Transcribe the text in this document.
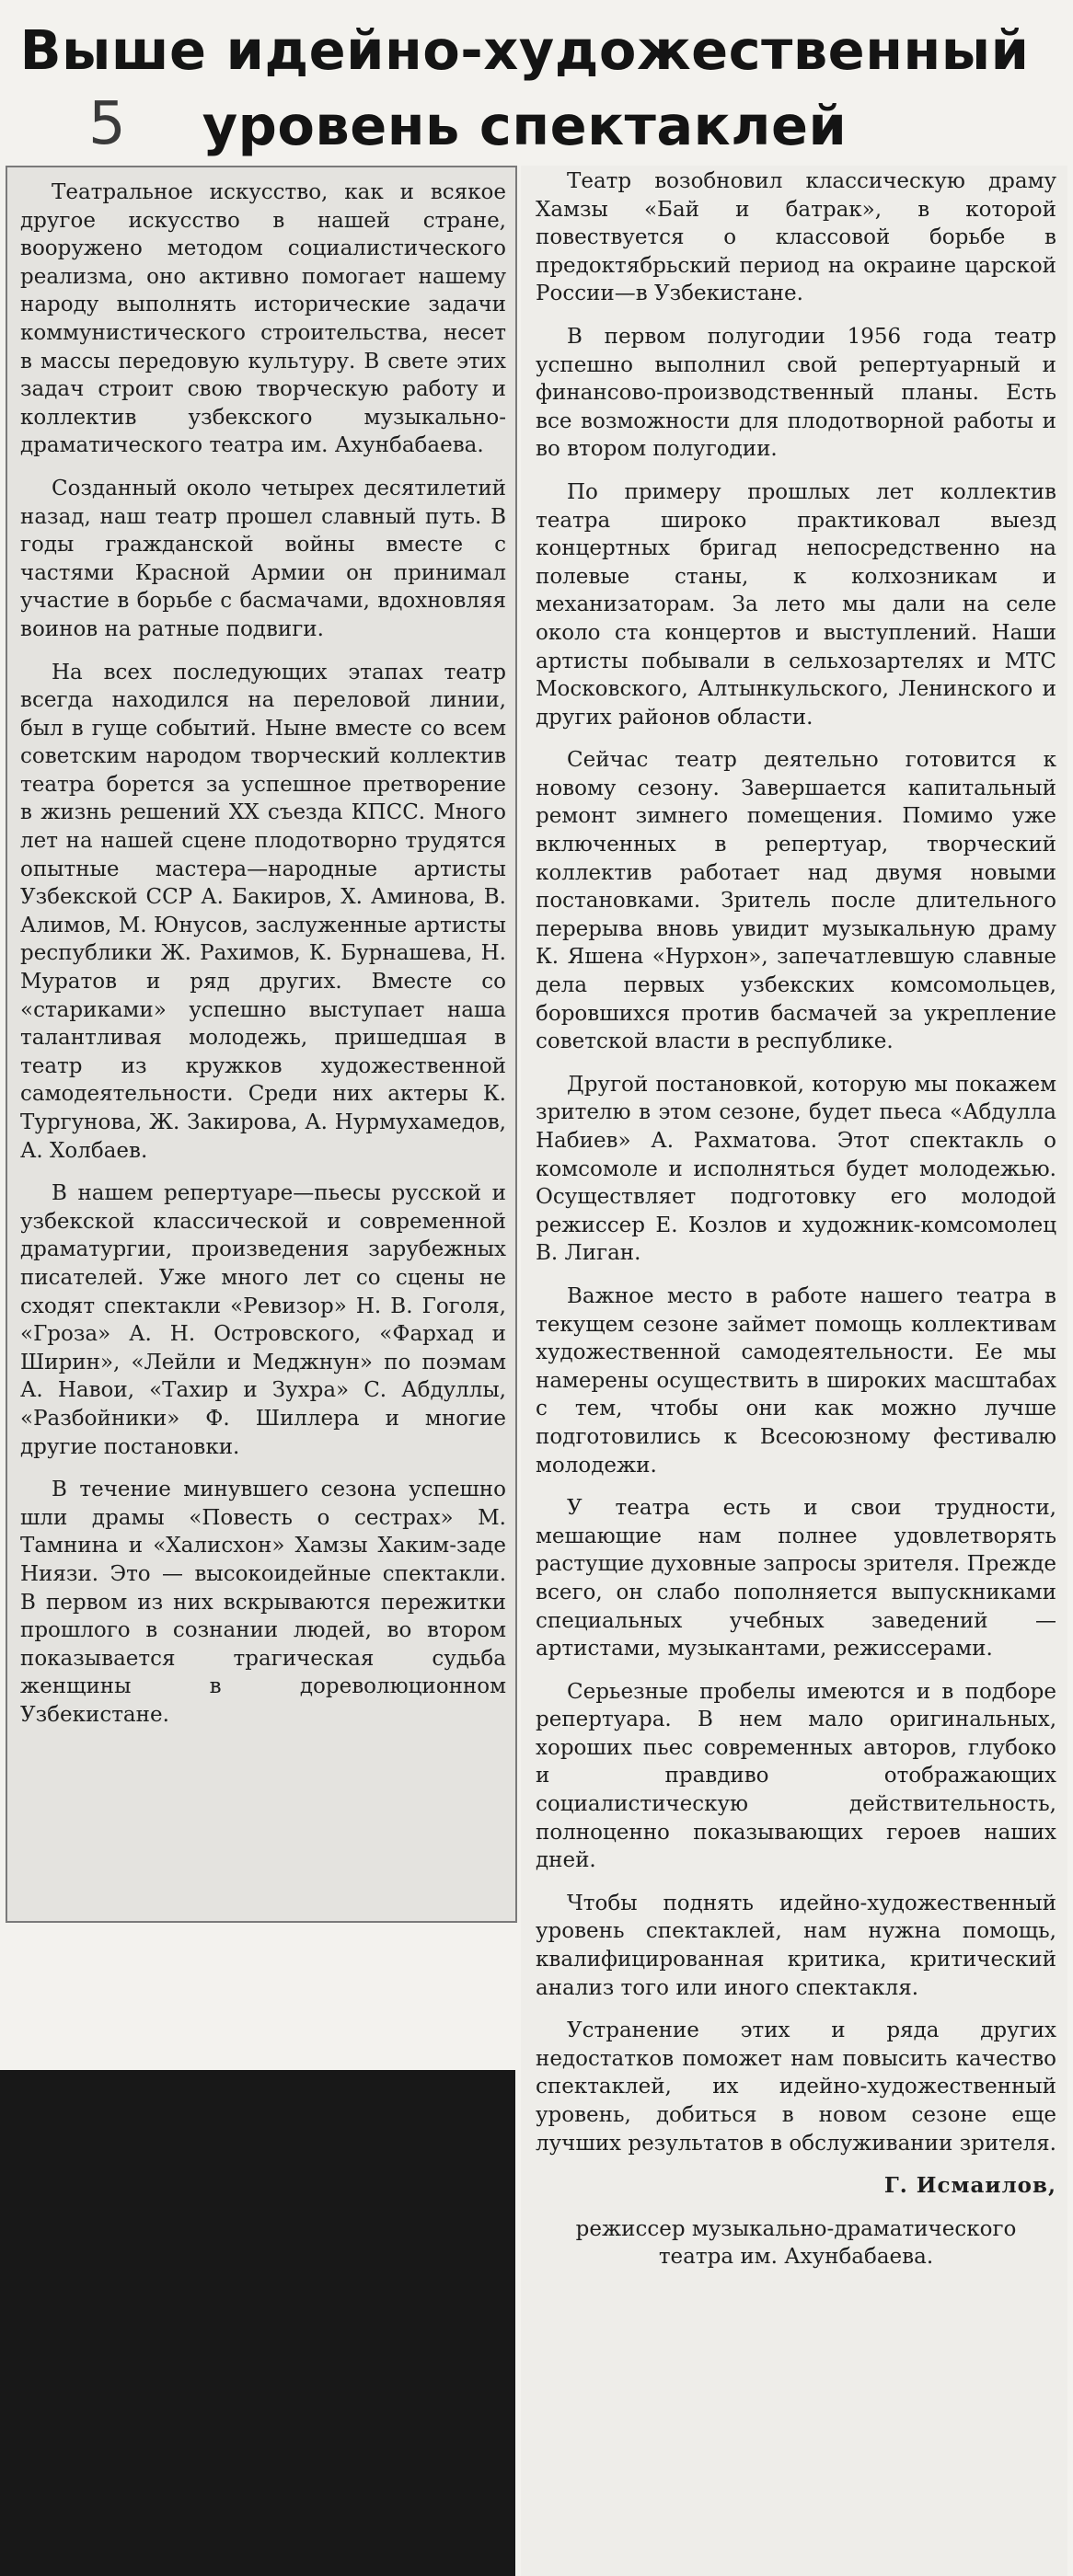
Выше идейно-художественный уровень спектаклей
5

Театральное искусство, как и всякое другое искусство в нашей стране, вооружено методом социалистического реализма, оно активно помогает нашему народу выполнять исторические задачи коммунистического строительства, несет в массы передовую культуру. В свете этих задач строит свою творческую работу и коллектив узбекского музыкально-драматического театра им. Ахунбабаева.

Созданный около четырех десятилетий назад, наш театр прошел славный путь. В годы гражданской войны вместе с частями Красной Армии он принимал участие в борьбе с басмачами, вдохновляя воинов на ратные подвиги.

На всех последующих этапах театр всегда находился на переловой линии, был в гуще событий. Ныне вместе со всем советским народом творческий коллектив театра борется за успешное претворение в жизнь решений XX съезда КПСС. Много лет на нашей сцене плодотворно трудятся опытные мастера—народные артисты Узбекской ССР А. Бакиров, Х. Аминова, В. Алимов, М. Юнусов, заслуженные артисты республики Ж. Рахимов, К. Бурнашева, Н. Муратов и ряд других. Вместе со «стариками» успешно выступает наша талантливая молодежь, пришедшая в театр из кружков художественной самодеятельности. Среди них актеры К. Тургунова, Ж. Закирова, А. Нурмухамедов, А. Холбаев.

В нашем репертуаре—пьесы русской и узбекской классической и современной драматургии, произведения зарубежных писателей. Уже много лет со сцены не сходят спектакли «Ревизор» Н. В. Гоголя, «Гроза» А. Н. Островского, «Фархад и Ширин», «Лейли и Меджнун» по поэмам А. Навои, «Тахир и Зухра» С. Абдуллы, «Разбойники» Ф. Шиллера и многие другие постановки.

В течение минувшего сезона успешно шли драмы «Повесть о сестрах» М. Тамнина и «Халисхон» Хамзы Хаким-заде Ниязи. Это — высокоидейные спектакли. В первом из них вскрываются пережитки прошлого в сознании людей, во втором показывается трагическая судьба женщины в дореволюционном Узбекистане.

Театр возобновил классическую драму Хамзы «Бай и батрак», в которой повествуется о классовой борьбе в предоктябрьский период на окраине царской России—в Узбекистане.

В первом полугодии 1956 года театр успешно выполнил свой репертуарный и финансово-производственный планы. Есть все возможности для плодотворной работы и во втором полугодии.

По примеру прошлых лет коллектив театра широко практиковал выезд концертных бригад непосредственно на полевые станы, к колхозникам и механизаторам. За лето мы дали на селе около ста концертов и выступлений. Наши артисты побывали в сельхозартелях и МТС Московского, Алтынкульского, Ленинского и других районов области.

Сейчас театр деятельно готовится к новому сезону. Завершается капитальный ремонт зимнего помещения. Помимо уже включенных в репертуар, творческий коллектив работает над двумя новыми постановками. Зритель после длительного перерыва вновь увидит музыкальную драму К. Яшена «Нурхон», запечатлевшую славные дела первых узбекских комсомольцев, боровшихся против басмачей за укрепление советской власти в республике.

Другой постановкой, которую мы покажем зрителю в этом сезоне, будет пьеса «Абдулла Набиев» А. Рахматова. Этот спектакль о комсомоле и исполняться будет молодежью. Осуществляет подготовку его молодой режиссер Е. Козлов и художник-комсомолец В. Лиган.

Важное место в работе нашего театра в текущем сезоне займет помощь коллективам художественной самодеятельности. Ее мы намерены осуществить в широких масштабах с тем, чтобы они как можно лучше подготовились к Всесоюзному фестивалю молодежи.

У театра есть и свои трудности, мешающие нам полнее удовлетворять растущие духовные запросы зрителя. Прежде всего, он слабо пополняется выпускниками специальных учебных заведений — артистами, музыкантами, режиссерами.

Серьезные пробелы имеются и в подборе репертуара. В нем мало оригинальных, хороших пьес современных авторов, глубоко и правдиво отображающих социалистическую действительность, полноценно показывающих героев наших дней.

Чтобы поднять идейно-художественный уровень спектаклей, нам нужна помощь, квалифицированная критика, критический анализ того или иного спектакля.

Устранение этих и ряда других недостатков поможет нам повысить качество спектаклей, их идейно-художественный уровень, добиться в новом сезоне еще лучших результатов в обслуживании зрителя.

Г. Исмаилов,

режиссер музыкально-драматического театра им. Ахунбабаева.
